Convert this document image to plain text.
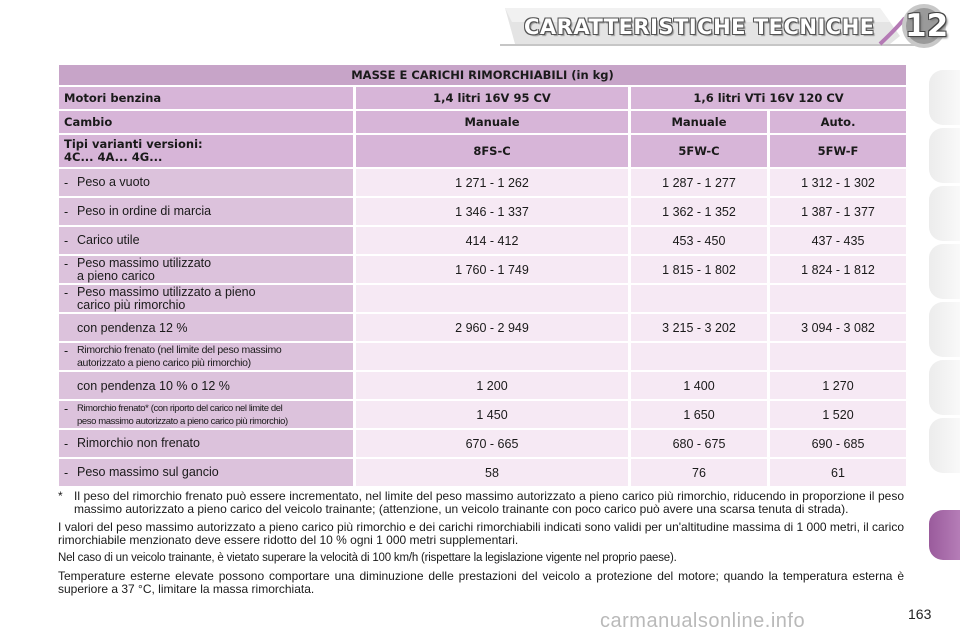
CARATTERISTICHE TECNICHE 12
MASSE E CARICHI RIMORCHIABILI (in kg)			
Motori benzina	1,4 litri 16V 95 CV	1,6 litri VTi 16V 120 CV	
Cambio	Manuale	Manuale	Auto.
Tipi varianti versioni:
4C... 4A... 4G...	8FS-C	5FW-C	5FW-F
- Peso a vuoto	1 271 - 1 262	1 287 - 1 277	1 312 - 1 302
- Peso in ordine di marcia	1 346 - 1 337	1 362 - 1 352	1 387 - 1 377
- Carico utile	414 - 412	453 - 450	437 - 435
- Peso massimo utilizzato
a pieno carico	1 760 - 1 749	1 815 - 1 802	1 824 - 1 812
- Peso massimo utilizzato a pieno
carico più rimorchio			
con pendenza 12 %	2 960 - 2 949	3 215 - 3 202	3 094 - 3 082
- Rimorchio frenato (nel limite del peso massimo
autorizzato a pieno carico più rimorchio)			
con pendenza 10 % o 12 %	1 200	1 400	1 270
- Rimorchio frenato* (con riporto del carico nel limite del
peso massimo autorizzato a pieno carico più rimorchio)	1 450	1 650	1 520
- Rimorchio non frenato	670 - 665	680 - 675	690 - 685
- Peso massimo sul gancio	58	76	61

* Il peso del rimorchio frenato può essere incrementato, nel limite del peso massimo autorizzato a pieno carico più rimorchio, riducendo in proporzione il peso massimo autorizzato a pieno carico del veicolo trainante; (attenzione, un veicolo trainante con poco carico può avere una scarsa tenuta di strada).

I valori del peso massimo autorizzato a pieno carico più rimorchio e dei carichi rimorchiabili indicati sono validi per un'altitudine massima di 1 000 metri, il carico rimorchiabile menzionato deve essere ridotto del 10 % ogni 1 000 metri supplementari.

Nel caso di un veicolo trainante, è vietato superare la velocità di 100 km/h (rispettare la legislazione vigente nel proprio paese).

Temperature esterne elevate possono comportare una diminuzione delle prestazioni del veicolo a protezione del motore; quando la temperatura esterna è superiore a 37 °C, limitare la massa rimorchiata.

carmanualsonline.info	163
